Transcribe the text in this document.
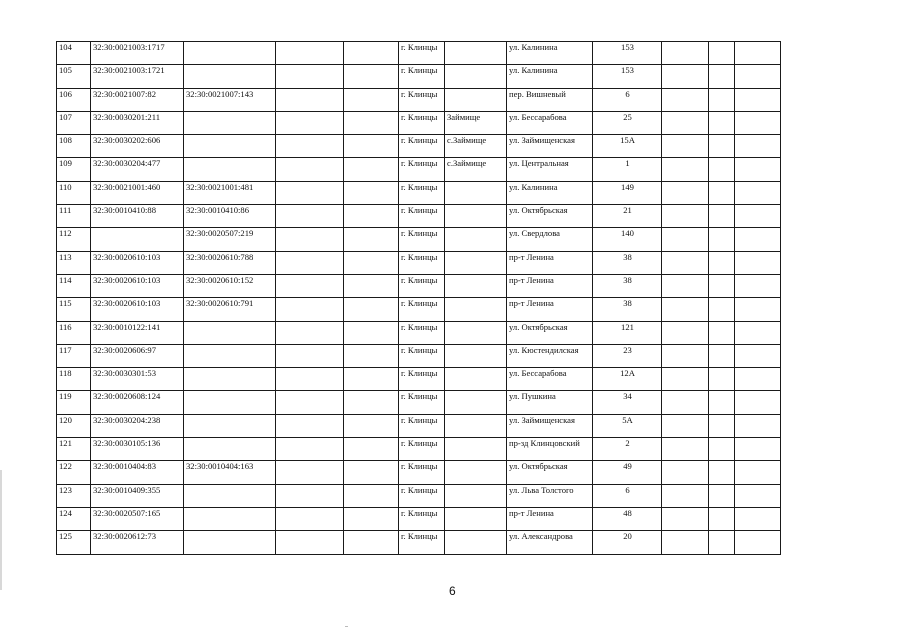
104	32:30:0021003:1717				г. Клинцы		ул. Калинина	153			
105	32:30:0021003:1721				г. Клинцы		ул. Калинина	153			
106	32:30:0021007:82	32:30:0021007:143			г. Клинцы		пер. Вишневый	6			
107	32:30:0030201:211				г. Клинцы	Займище	ул. Бессарабова	25			
108	32:30:0030202:606				г. Клинцы	с.Займище	ул. Займищенская	15А			
109	32:30:0030204:477				г. Клинцы	с.Займище	ул. Центральная	1			
110	32:30:0021001:460	32:30:0021001:481			г. Клинцы		ул. Калинина	149			
111	32:30:0010410:88	32:30:0010410:86			г. Клинцы		ул. Октябрьская	21			
112		32:30:0020507:219			г. Клинцы		ул. Свердлова	140			
113	32:30:0020610:103	32:30:0020610:788			г. Клинцы		пр-т Ленина	38			
114	32:30:0020610:103	32:30:0020610:152			г. Клинцы		пр-т Ленина	38			
115	32:30:0020610:103	32:30:0020610:791			г. Клинцы		пр-т Ленина	38			
116	32:30:0010122:141				г. Клинцы		ул. Октябрьская	121			
117	32:30:0020606:97				г. Клинцы		ул. Кюстендилская	23			
118	32:30:0030301:53				г. Клинцы		ул. Бессарабова	12А			
119	32:30:0020608:124				г. Клинцы		ул. Пушкина	34			
120	32:30:0030204:238				г. Клинцы		ул. Займищенская	5А			
121	32:30:0030105:136				г. Клинцы		пр-зд Клинцовский	2			
122	32:30:0010404:83	32:30:0010404:163			г. Клинцы		ул. Октябрьская	49			
123	32:30:0010409:355				г. Клинцы		ул. Льва Толстого	6			
124	32:30:0020507:165				г. Клинцы		пр-т Ленина	48			
125	32:30:0020612:73				г. Клинцы		ул. Александрова	20			
6
